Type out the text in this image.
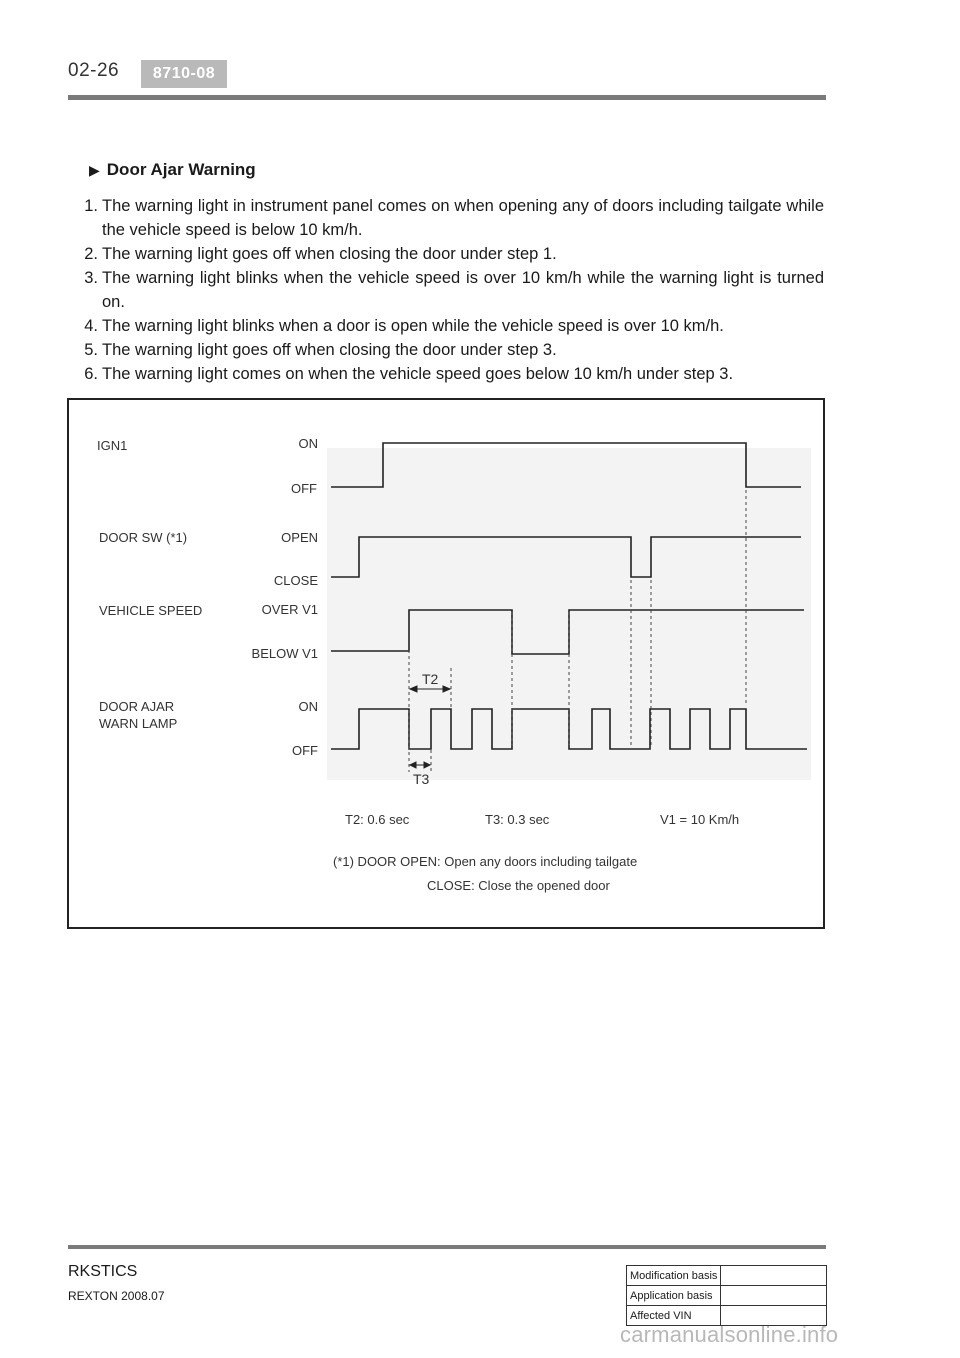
02-26	8710-08
▶ Door Ajar Warning
1. The warning light in instrument panel comes on when opening any of doors including tailgate while the vehicle speed is below 10 km/h.
2. The warning light goes off when closing the door under step 1.
3. The warning light blinks when the vehicle speed is over 10 km/h while the warning light is turned on.
4. The warning light blinks when a door is open while the vehicle speed is over 10 km/h.
5. The warning light goes off when closing the door under step 3.
6. The warning light comes on when the vehicle speed goes below 10 km/h under step 3.
IGN1
DOOR SW (*1)
VEHICLE SPEED
DOOR AJAR
WARN LAMP
ON
OFF
OPEN
CLOSE
OVER V1
BELOW V1
ON
OFF
T2
T3
T2: 0.6 sec	T3: 0.3 sec	V1 = 10 Km/h
(*1) DOOR OPEN: Open any doors including tailgate
CLOSE: Close the opened door
RKSTICS
REXTON 2008.07
Modification basis	
Application basis	
Affected VIN	
carmanualsonline.info
